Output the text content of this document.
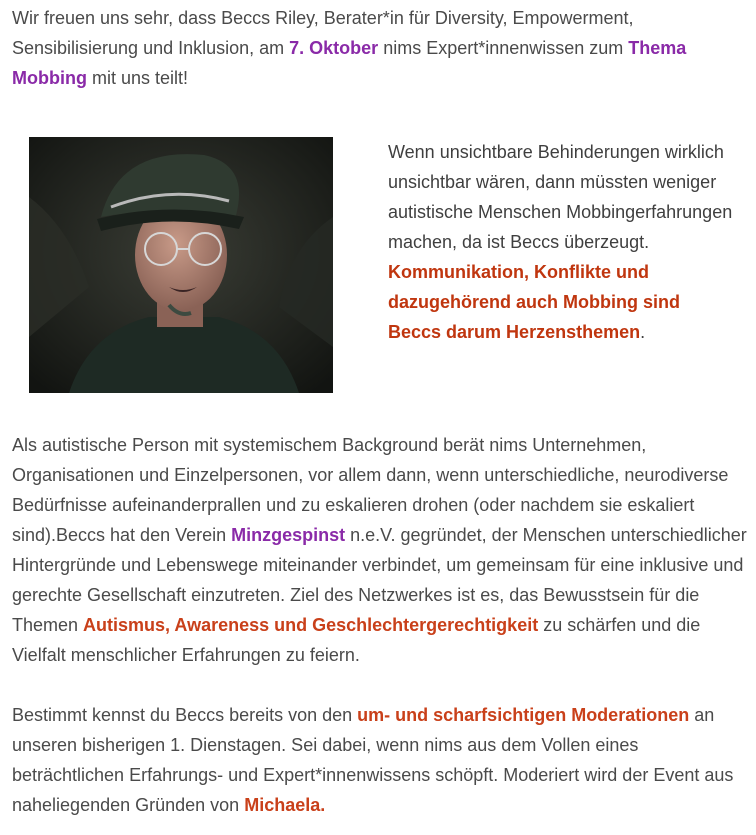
Wir freuen uns sehr, dass Beccs Riley, Berater*in für Diversity, Empowerment, Sensibilisierung und Inklusion, am 7. Oktober nims Expert*innenwissen zum Thema Mobbing mit uns teilt!

Wenn unsichtbare Behinderungen wirklich unsichtbar wären, dann müssten weniger autistische Menschen Mobbingerfahrungen machen, da ist Beccs überzeugt. Kommunikation, Konflikte und dazugehörend auch Mobbing sind Beccs darum Herzensthemen.

Als autistische Person mit systemischem Background berät nims Unternehmen, Organisationen und Einzelpersonen, vor allem dann, wenn unterschiedliche, neurodiverse Bedürfnisse aufeinanderprallen und zu eskalieren drohen (oder nachdem sie eskaliert sind).Beccs hat den Verein Minzgespinst n.e.V. gegründet, der Menschen unterschiedlicher Hintergründe und Lebenswege miteinander verbindet, um gemeinsam für eine inklusive und gerechte Gesellschaft einzutreten. Ziel des Netzwerkes ist es, das Bewusstsein für die Themen Autismus, Awareness und Geschlechtergerechtigkeit zu schärfen und die Vielfalt menschlicher Erfahrungen zu feiern.

Bestimmt kennst du Beccs bereits von den um- und scharfsichtigen Moderationen an unseren bisherigen 1. Dienstagen. Sei dabei, wenn nims aus dem Vollen eines beträchtlichen Erfahrungs- und Expert*innenwissens schöpft. Moderiert wird der Event aus naheliegenden Gründen von Michaela.
